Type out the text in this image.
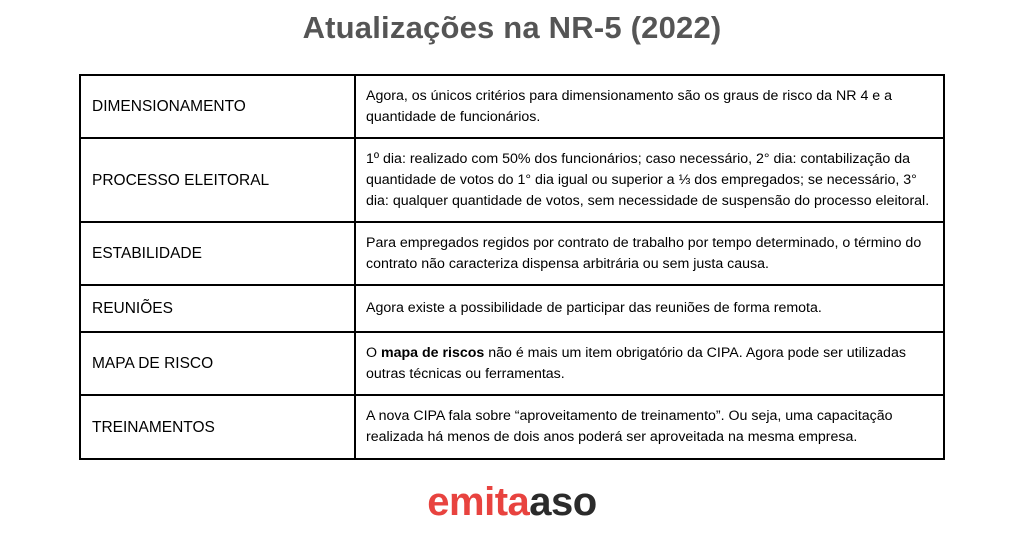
Atualizações na NR-5 (2022)
DIMENSIONAMENTO	Agora, os únicos critérios para dimensionamento são os graus de risco da NR 4 e a quantidade de funcionários.
PROCESSO ELEITORAL	1º dia: realizado com 50% dos funcionários; caso necessário, 2° dia: contabilização da quantidade de votos do 1° dia igual ou superior a ⅓ dos empregados; se necessário, 3° dia: qualquer quantidade de votos, sem necessidade de suspensão do processo eleitoral.
ESTABILIDADE	Para empregados regidos por contrato de trabalho por tempo determinado, o término do contrato não caracteriza dispensa arbitrária ou sem justa causa.
REUNIÕES	Agora existe a possibilidade de participar das reuniões de forma remota.
MAPA DE RISCO	O mapa de riscos não é mais um item obrigatório da CIPA. Agora pode ser utilizadas outras técnicas ou ferramentas.
TREINAMENTOS	A nova CIPA fala sobre “aproveitamento de treinamento”. Ou seja, uma capacitação realizada há menos de dois anos poderá ser aproveitada na mesma empresa.
emitaaso
